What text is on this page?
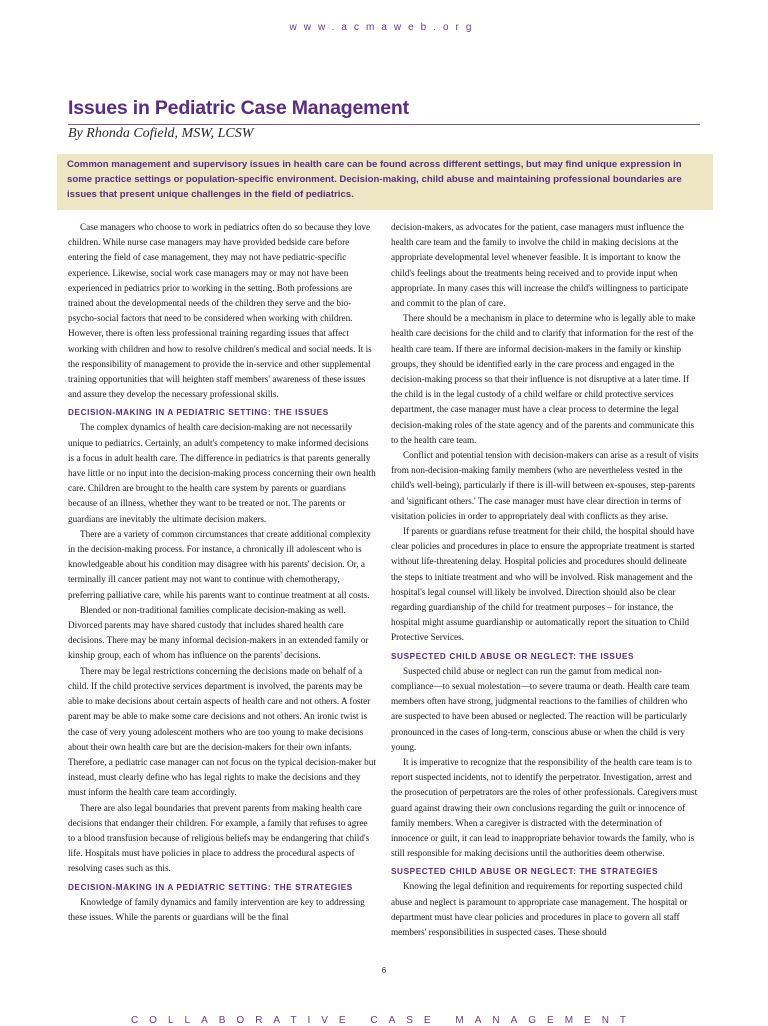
www.acmaweb.org
Issues in Pediatric Case Management
By Rhonda Cofield, MSW, LCSW
Common management and supervisory issues in health care can be found across different settings, but may find unique expression in some practice settings or population-specific environment. Decision-making, child abuse and maintaining professional boundaries are issues that present unique challenges in the field of pediatrics.

Case managers who choose to work in pediatrics often do so because they love children. While nurse case managers may have provided bedside care before entering the field of case management, they may not have pediatric-specific experience. Likewise, social work case managers may or may not have been experienced in pediatrics prior to working in the setting. Both professions are trained about the developmental needs of the children they serve and the bio-psycho-social factors that need to be considered when working with children. However, there is often less professional training regarding issues that affect working with children and how to resolve children's medical and social needs. It is the responsibility of management to provide the in-service and other supplemental training opportunities that will heighten staff members' awareness of these issues and assure they develop the necessary professional skills.

DECISION-MAKING IN A PEDIATRIC SETTING: THE ISSUES

The complex dynamics of health care decision-making are not necessarily unique to pediatrics. Certainly, an adult's competency to make informed decisions is a focus in adult health care. The difference in pediatrics is that parents generally have little or no input into the decision-making process concerning their own health care. Children are brought to the health care system by parents or guardians because of an illness, whether they want to be treated or not. The parents or guardians are inevitably the ultimate decision makers.

There are a variety of common circumstances that create additional complexity in the decision-making process. For instance, a chronically ill adolescent who is knowledgeable about his condition may disagree with his parents' decision. Or, a terminally ill cancer patient may not want to continue with chemotherapy, preferring palliative care, while his parents want to continue treatment at all costs.

Blended or non-traditional families complicate decision-making as well. Divorced parents may have shared custody that includes shared health care decisions. There may be many informal decision-makers in an extended family or kinship group, each of whom has influence on the parents' decisions.

There may be legal restrictions concerning the decisions made on behalf of a child. If the child protective services department is involved, the parents may be able to make decisions about certain aspects of health care and not others. A foster parent may be able to make some care decisions and not others. An ironic twist is the case of very young adolescent mothers who are too young to make decisions about their own health care but are the decision-makers for their own infants. Therefore, a pediatric case manager can not focus on the typical decision-maker but instead, must clearly define who has legal rights to make the decisions and they must inform the health care team accordingly.

There are also legal boundaries that prevent parents from making health care decisions that endanger their children. For example, a family that refuses to agree to a blood transfusion because of religious beliefs may be endangering that child's life. Hospitals must have policies in place to address the procedural aspects of resolving cases such as this.

DECISION-MAKING IN A PEDIATRIC SETTING: THE STRATEGIES

Knowledge of family dynamics and family intervention are key to addressing these issues. While the parents or guardians will be the final

decision-makers, as advocates for the patient, case managers must influence the health care team and the family to involve the child in making decisions at the appropriate developmental level whenever feasible. It is important to know the child's feelings about the treatments being received and to provide input when appropriate. In many cases this will increase the child's willingness to participate and commit to the plan of care.

There should be a mechanism in place to determine who is legally able to make health care decisions for the child and to clarify that information for the rest of the health care team. If there are informal decision-makers in the family or kinship groups, they should be identified early in the care process and engaged in the decision-making process so that their influence is not disruptive at a later time. If the child is in the legal custody of a child welfare or child protective services department, the case manager must have a clear process to determine the legal decision-making roles of the state agency and of the parents and communicate this to the health care team.

Conflict and potential tension with decision-makers can arise as a result of visits from non-decision-making family members (who are nevertheless vested in the child's well-being), particularly if there is ill-will between ex-spouses, step-parents and 'significant others.' The case manager must have clear direction in terms of visitation policies in order to appropriately deal with conflicts as they arise.

If parents or guardians refuse treatment for their child, the hospital should have clear policies and procedures in place to ensure the appropriate treatment is started without life-threatening delay. Hospital policies and procedures should delineate the steps to initiate treatment and who will be involved. Risk management and the hospital's legal counsel will likely be involved. Direction should also be clear regarding guardianship of the child for treatment purposes – for instance, the hospital might assume guardianship or automatically report the situation to Child Protective Services.

SUSPECTED CHILD ABUSE OR NEGLECT: THE ISSUES

Suspected child abuse or neglect can run the gamut from medical non-compliance—to sexual molestation—to severe trauma or death. Health care team members often have strong, judgmental reactions to the families of children who are suspected to have been abused or neglected. The reaction will be particularly pronounced in the cases of long-term, conscious abuse or when the child is very young.

It is imperative to recognize that the responsibility of the health care team is to report suspected incidents, not to identify the perpetrator. Investigation, arrest and the prosecution of perpetrators are the roles of other professionals. Caregivers must guard against drawing their own conclusions regarding the guilt or innocence of family members. When a caregiver is distracted with the determination of innocence or guilt, it can lead to inappropriate behavior towards the family, who is still responsible for making decisions until the authorities deem otherwise.

SUSPECTED CHILD ABUSE OR NEGLECT: THE STRATEGIES

Knowing the legal definition and requirements for reporting suspected child abuse and neglect is paramount to appropriate case management. The hospital or department must have clear policies and procedures in place to govern all staff members' responsibilities in suspected cases. These should

6
COLLABORATIVE CASE MANAGEMENT
